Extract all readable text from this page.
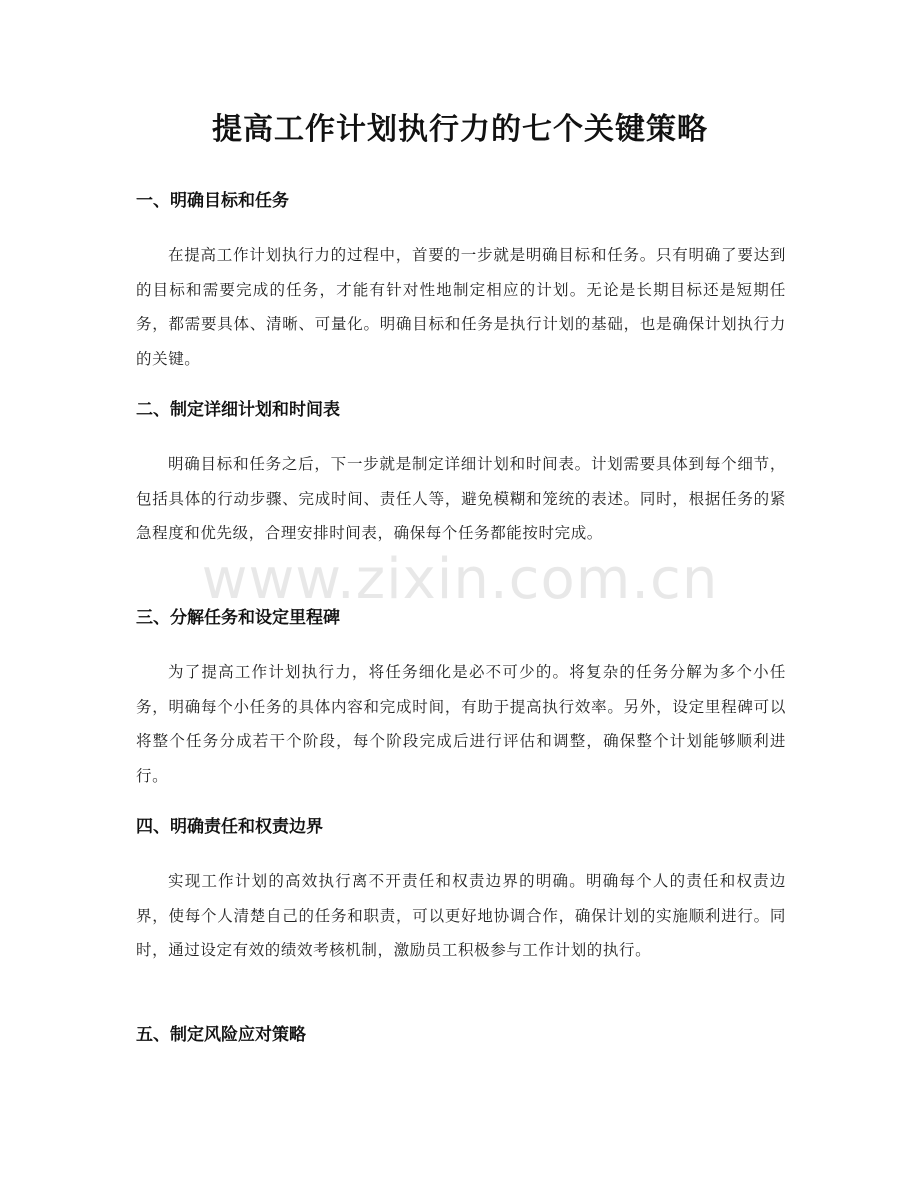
提高工作计划执行力的七个关键策略
一、明确目标和任务

在提高工作计划执行力的过程中，首要的一步就是明确目标和任务。只有明确了要达到的目标和需要完成的任务，才能有针对性地制定相应的计划。无论是长期目标还是短期任务，都需要具体、清晰、可量化。明确目标和任务是执行计划的基础，也是确保计划执行力的关键。

二、制定详细计划和时间表

明确目标和任务之后，下一步就是制定详细计划和时间表。计划需要具体到每个细节，包括具体的行动步骤、完成时间、责任人等，避免模糊和笼统的表述。同时，根据任务的紧急程度和优先级，合理安排时间表，确保每个任务都能按时完成。

三、分解任务和设定里程碑

为了提高工作计划执行力，将任务细化是必不可少的。将复杂的任务分解为多个小任务，明确每个小任务的具体内容和完成时间，有助于提高执行效率。另外，设定里程碑可以将整个任务分成若干个阶段，每个阶段完成后进行评估和调整，确保整个计划能够顺利进行。

四、明确责任和权责边界

实现工作计划的高效执行离不开责任和权责边界的明确。明确每个人的责任和权责边界，使每个人清楚自己的任务和职责，可以更好地协调合作，确保计划的实施顺利进行。同时，通过设定有效的绩效考核机制，激励员工积极参与工作计划的执行。

五、制定风险应对策略
www.zixin.com.cn
